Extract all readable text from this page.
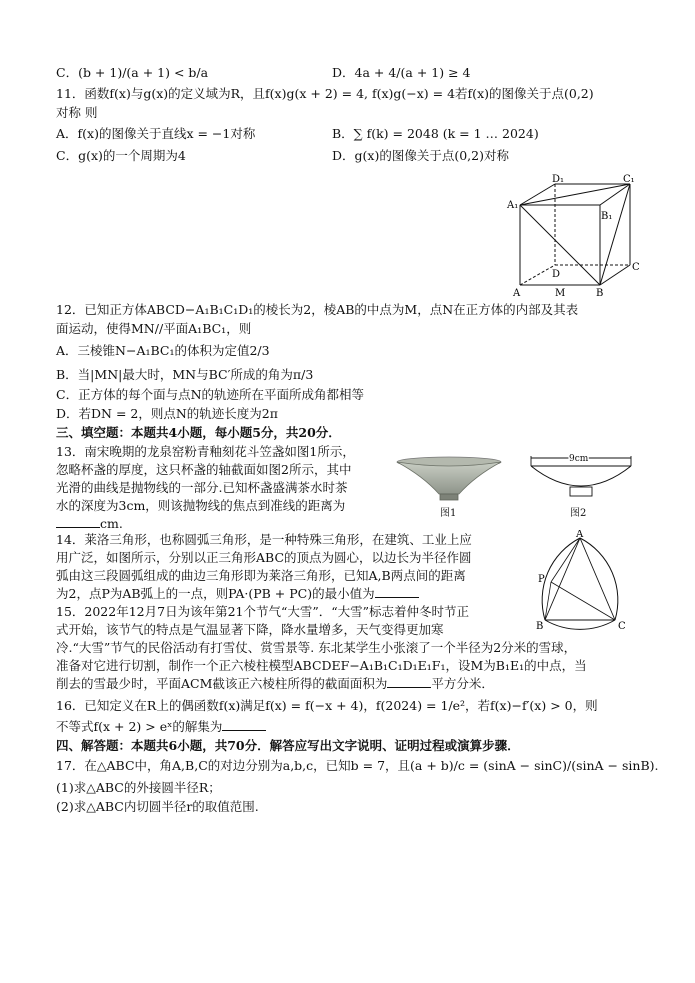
C．(b + 1)/(a + 1) < b/a	D．4a + 4/(a + 1) ≥ 4
11．函数f(x)与g(x)的定义域为R，且f(x)g(x + 2) = 4, f(x)g(−x) = 4若f(x)的图像关于点(0,2)
对称 则
A．f(x)的图像关于直线x = −1对称	B．∑ f(k) = 2048 (k = 1 … 2024)
C．g(x)的一个周期为4	D．g(x)的图像关于点(0,2)对称
D₁	C₁
A₁
B₁
D
C
A	M	B
12．已知正方体ABCD−A₁B₁C₁D₁的棱长为2，棱AB的中点为M，点N在正方体的内部及其表
面运动，使得MN//平面A₁BC₁，则
A．三棱锥N−A₁BC₁的体积为定值2/3
B．当|MN|最大时，MN与BC′所成的角为π/3
C．正方体的每个面与点N的轨迹所在平面所成角都相等
D．若DN = 2，则点N的轨迹长度为2π
三、填空题：本题共4小题，每小题5分，共20分．
13．南宋晚期的龙泉窑粉青釉刻花斗笠盏如图1所示，
忽略杯盏的厚度，这只杯盏的轴截面如图2所示，其中
光滑的曲线是抛物线的一部分.已知杯盏盛满茶水时茶
水的深度为3cm，则该抛物线的焦点到准线的距离为
cm.
图1
9cm
图2
14．莱洛三角形，也称圆弧三角形，是一种特殊三角形，在建筑、工业上应
用广泛，如图所示，分别以正三角形ABC的顶点为圆心，以边长为半径作圆
弧由这三段圆弧组成的曲边三角形即为莱洛三角形，已知A,B两点间的距离
为2，点P为AB弧上的一点，则PA·(PB + PC)的最小值为
A
P
B	C
15．2022年12月7日为该年第21个节气“大雪”．“大雪”标志着仲冬时节正
式开始，该节气的特点是气温显著下降，降水量增多，天气变得更加寒
冷.“大雪”节气的民俗活动有打雪仗、赏雪景等. 东北某学生小张滚了一个半径为2分米的雪球，
准备对它进行切割，制作一个正六棱柱模型ABCDEF−A₁B₁C₁D₁E₁F₁，设M为B₁E₁的中点，当
削去的雪最少时，平面ACM截该正六棱柱所得的截面面积为	平方分米．
16．已知定义在R上的偶函数f(x)满足f(x) = f(−x + 4)，f(2024) = 1/e²，若f(x)−f′(x) > 0，则
不等式f(x + 2) > eˣ的解集为
四、解答题：本题共6小题，共70分．解答应写出文字说明、证明过程或演算步骤．
17．在△ABC中，角A,B,C的对边分别为a,b,c，已知b = 7，且(a + b)/c = (sinA − sinC)/(sinA − sinB).
(1)求△ABC的外接圆半径R；
(2)求△ABC内切圆半径r的取值范围.
